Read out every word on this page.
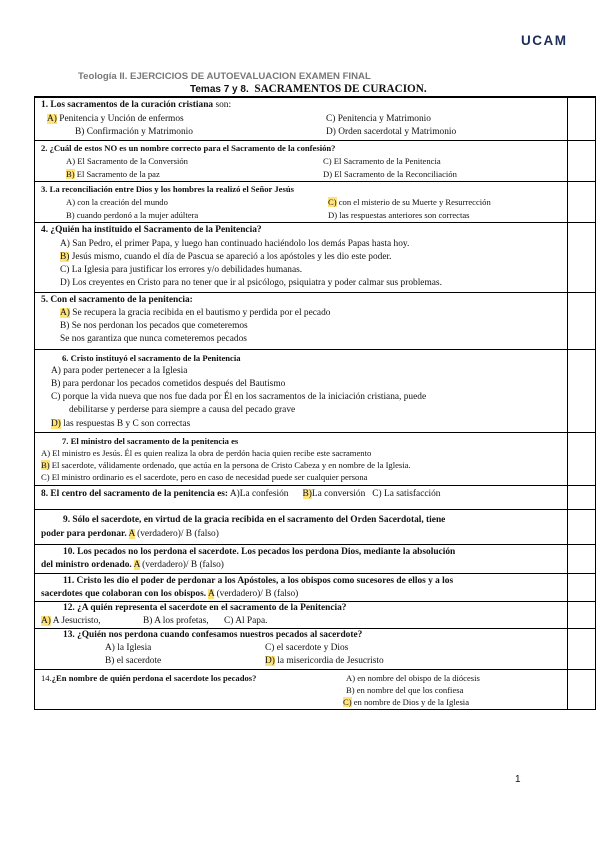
UCAM
Teología II. EJERCICIOS DE AUTOEVALUACION EXAMEN FINAL
Temas 7 y 8. SACRAMENTOS DE CURACION.
1. Los sacramentos de la curación cristiana son:
A) Penitencia y Unción de enfermos
B) Confirmación y Matrimonio
C) Penitencia y Matrimonio
D) Orden sacerdotal y Matrimonio
2. ¿Cuál de estos NO es un nombre correcto para el Sacramento de la confesión?
A) El Sacramento de la Conversión
B) El Sacramento de la paz
C) El Sacramento de la Penitencia
D) El Sacramento de la Reconciliación
3. La reconciliación entre Dios y los hombres la realizó el Señor Jesús
A) con la creación del mundo
B) cuando perdonó a la mujer adúltera
C) con el misterio de su Muerte y Resurrección
D) las respuestas anteriores son correctas
4. ¿Quién ha instituido el Sacramento de la Penitencia?
A) San Pedro, el primer Papa, y luego han continuado haciéndolo los demás Papas hasta hoy.
B) Jesús mismo, cuando el día de Pascua se apareció a los apóstoles y les dio este poder.
C) La Iglesia para justificar los errores y/o debilidades humanas.
D) Los creyentes en Cristo para no tener que ir al psicólogo, psiquiatra y poder calmar sus problemas.
5. Con el sacramento de la penitencia:
A) Se recupera la gracia recibida en el bautismo y perdida por el pecado
B) Se nos perdonan los pecados que cometeremos
Se nos garantiza que nunca cometeremos pecados
6. Cristo instituyó el sacramento de la Penitencia
A) para poder pertenecer a la Iglesia
B) para perdonar los pecados cometidos después del Bautismo
C) porque la vida nueva que nos fue dada por Él en los sacramentos de la iniciación cristiana, puede
debilitarse y perderse para siempre a causa del pecado grave
D) las respuestas B y C son correctas
7. El ministro del sacramento de la penitencia es
A) El ministro es Jesús. Él es quien realiza la obra de perdón hacia quien recibe este sacramento
B) El sacerdote, válidamente ordenado, que actúa en la persona de Cristo Cabeza y en nombre de la Iglesia.
C) El ministro ordinario es el sacerdote, pero en caso de necesidad puede ser cualquier persona
8. El centro del sacramento de la penitencia es: A)La confesión B)La conversión C) La satisfacción
9. Sólo el sacerdote, en virtud de la gracia recibida en el sacramento del Orden Sacerdotal, tiene
poder para perdonar. A (verdadero)/ B (falso)
10. Los pecados no los perdona el sacerdote. Los pecados los perdona Dios, mediante la absolución
del ministro ordenado. A (verdadero)/ B (falso)
11. Cristo les dio el poder de perdonar a los Apóstoles, a los obispos como sucesores de ellos y a los
sacerdotes que colaboran con los obispos. A (verdadero)/ B (falso)
12. ¿A quién representa el sacerdote en el sacramento de la Penitencia?
A) A Jesucristo,	B) A los profetas, C) Al Papa.
13. ¿Quién nos perdona cuando confesamos nuestros pecados al sacerdote?
A) la Iglesia
B) el sacerdote
C) el sacerdote y Dios
D) la misericordia de Jesucristo
14.¿En nombre de quién perdona el sacerdote los pecados?	A) en nombre del obispo de la diócesis
B) en nombre del que los confiesa
C) en nombre de Dios y de la Iglesia
1
